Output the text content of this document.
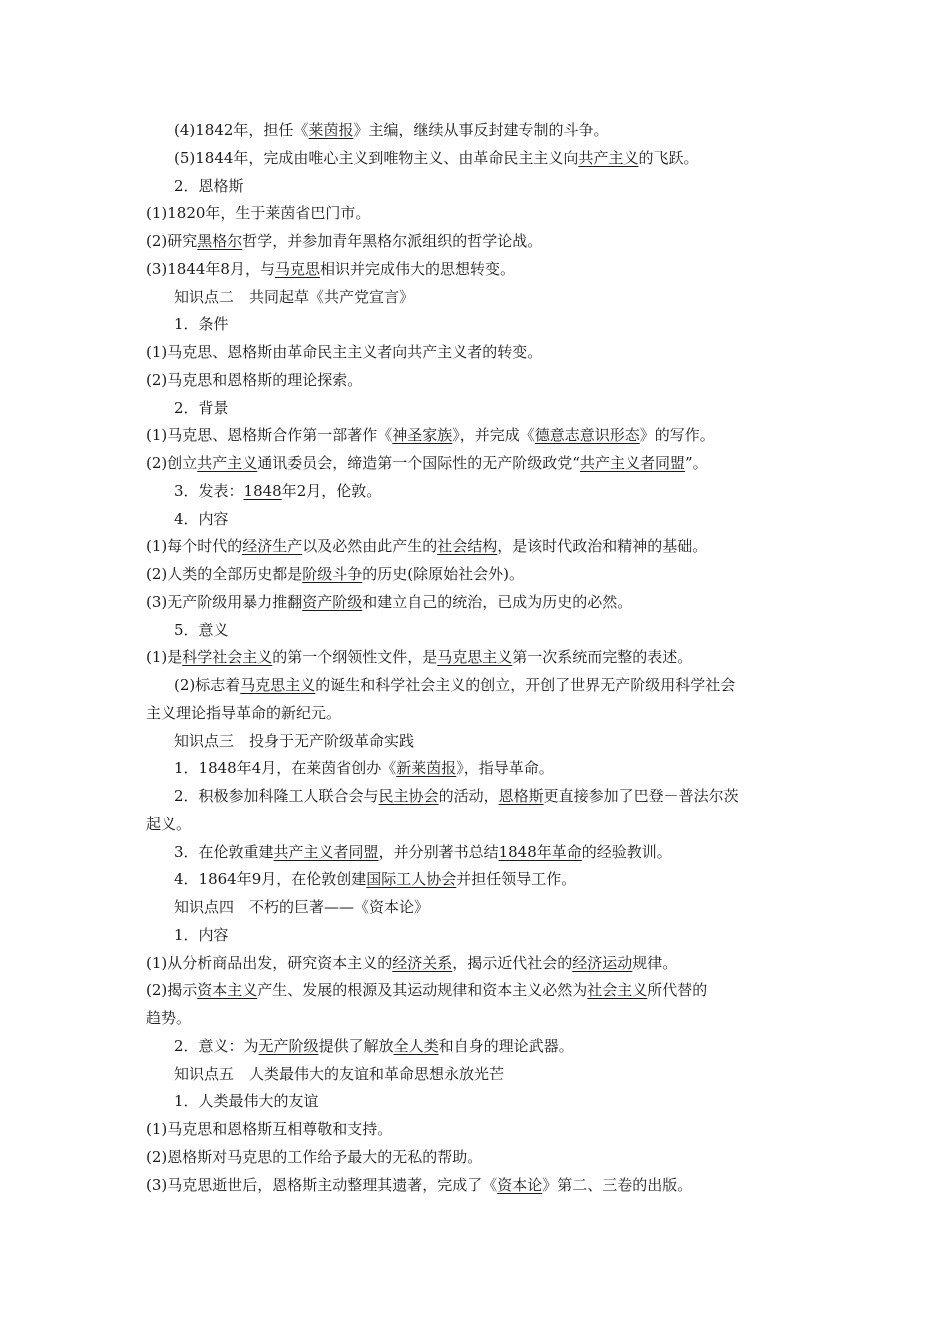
(4)1842年，担任《莱茵报》主编，继续从事反封建专制的斗争。
(5)1844年，完成由唯心主义到唯物主义、由革命民主主义向共产主义的飞跃。
2．恩格斯
(1)1820年，生于莱茵省巴门市。
(2)研究黑格尔哲学，并参加青年黑格尔派组织的哲学论战。
(3)1844年8月，与马克思相识并完成伟大的思想转变。
知识点二　共同起草《共产党宣言》
1．条件
(1)马克思、恩格斯由革命民主主义者向共产主义者的转变。
(2)马克思和恩格斯的理论探索。
2．背景
(1)马克思、恩格斯合作第一部著作《神圣家族》，并完成《德意志意识形态》的写作。
(2)创立共产主义通讯委员会，缔造第一个国际性的无产阶级政党“共产主义者同盟”。
3．发表：1848年2月，伦敦。
4．内容
(1)每个时代的经济生产以及必然由此产生的社会结构，是该时代政治和精神的基础。
(2)人类的全部历史都是阶级斗争的历史(除原始社会外)。
(3)无产阶级用暴力推翻资产阶级和建立自己的统治，已成为历史的必然。
5．意义
(1)是科学社会主义的第一个纲领性文件，是马克思主义第一次系统而完整的表述。
(2)标志着马克思主义的诞生和科学社会主义的创立，开创了世界无产阶级用科学社会
主义理论指导革命的新纪元。
知识点三　投身于无产阶级革命实践
1．1848年4月，在莱茵省创办《新莱茵报》，指导革命。
2．积极参加科隆工人联合会与民主协会的活动，恩格斯更直接参加了巴登－普法尔茨
起义。
3．在伦敦重建共产主义者同盟，并分别著书总结1848年革命的经验教训。
4．1864年9月，在伦敦创建国际工人协会并担任领导工作。
知识点四　不朽的巨著——《资本论》
1．内容
(1)从分析商品出发，研究资本主义的经济关系，揭示近代社会的经济运动规律。
(2)揭示资本主义产生、发展的根源及其运动规律和资本主义必然为社会主义所代替的
趋势。
2．意义：为无产阶级提供了解放全人类和自身的理论武器。
知识点五　人类最伟大的友谊和革命思想永放光芒
1．人类最伟大的友谊
(1)马克思和恩格斯互相尊敬和支持。
(2)恩格斯对马克思的工作给予最大的无私的帮助。
(3)马克思逝世后，恩格斯主动整理其遗著，完成了《资本论》第二、三卷的出版。
